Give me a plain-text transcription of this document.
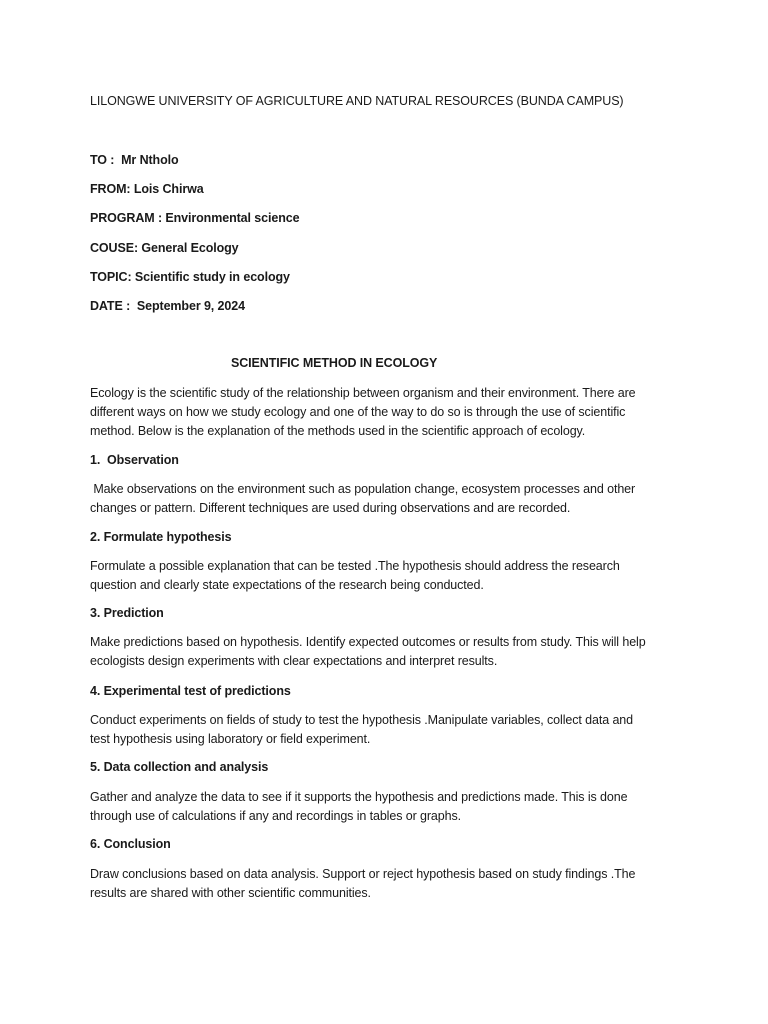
LILONGWE UNIVERSITY OF AGRICULTURE AND NATURAL RESOURCES (BUNDA CAMPUS)
TO :  Mr Ntholo
FROM: Lois Chirwa
PROGRAM : Environmental science
COUSE: General Ecology
TOPIC: Scientific study in ecology
DATE :  September 9, 2024
SCIENTIFIC METHOD IN ECOLOGY
Ecology is the scientific study of the relationship between organism and their environment. There are
different ways on how we study ecology and one of the way to do so is through the use of scientific
method. Below is the explanation of the methods used in the scientific approach of ecology.
1.  Observation
Make observations on the environment such as population change, ecosystem processes and other
changes or pattern. Different techniques are used during observations and are recorded.
2. Formulate hypothesis
Formulate a possible explanation that can be tested .The hypothesis should address the research
question and clearly state expectations of the research being conducted.
3. Prediction
Make predictions based on hypothesis. Identify expected outcomes or results from study. This will help
ecologists design experiments with clear expectations and interpret results.
4. Experimental test of predictions
Conduct experiments on fields of study to test the hypothesis .Manipulate variables, collect data and
test hypothesis using laboratory or field experiment.
5. Data collection and analysis
Gather and analyze the data to see if it supports the hypothesis and predictions made. This is done
through use of calculations if any and recordings in tables or graphs.
6. Conclusion
Draw conclusions based on data analysis. Support or reject hypothesis based on study findings .The
results are shared with other scientific communities.
